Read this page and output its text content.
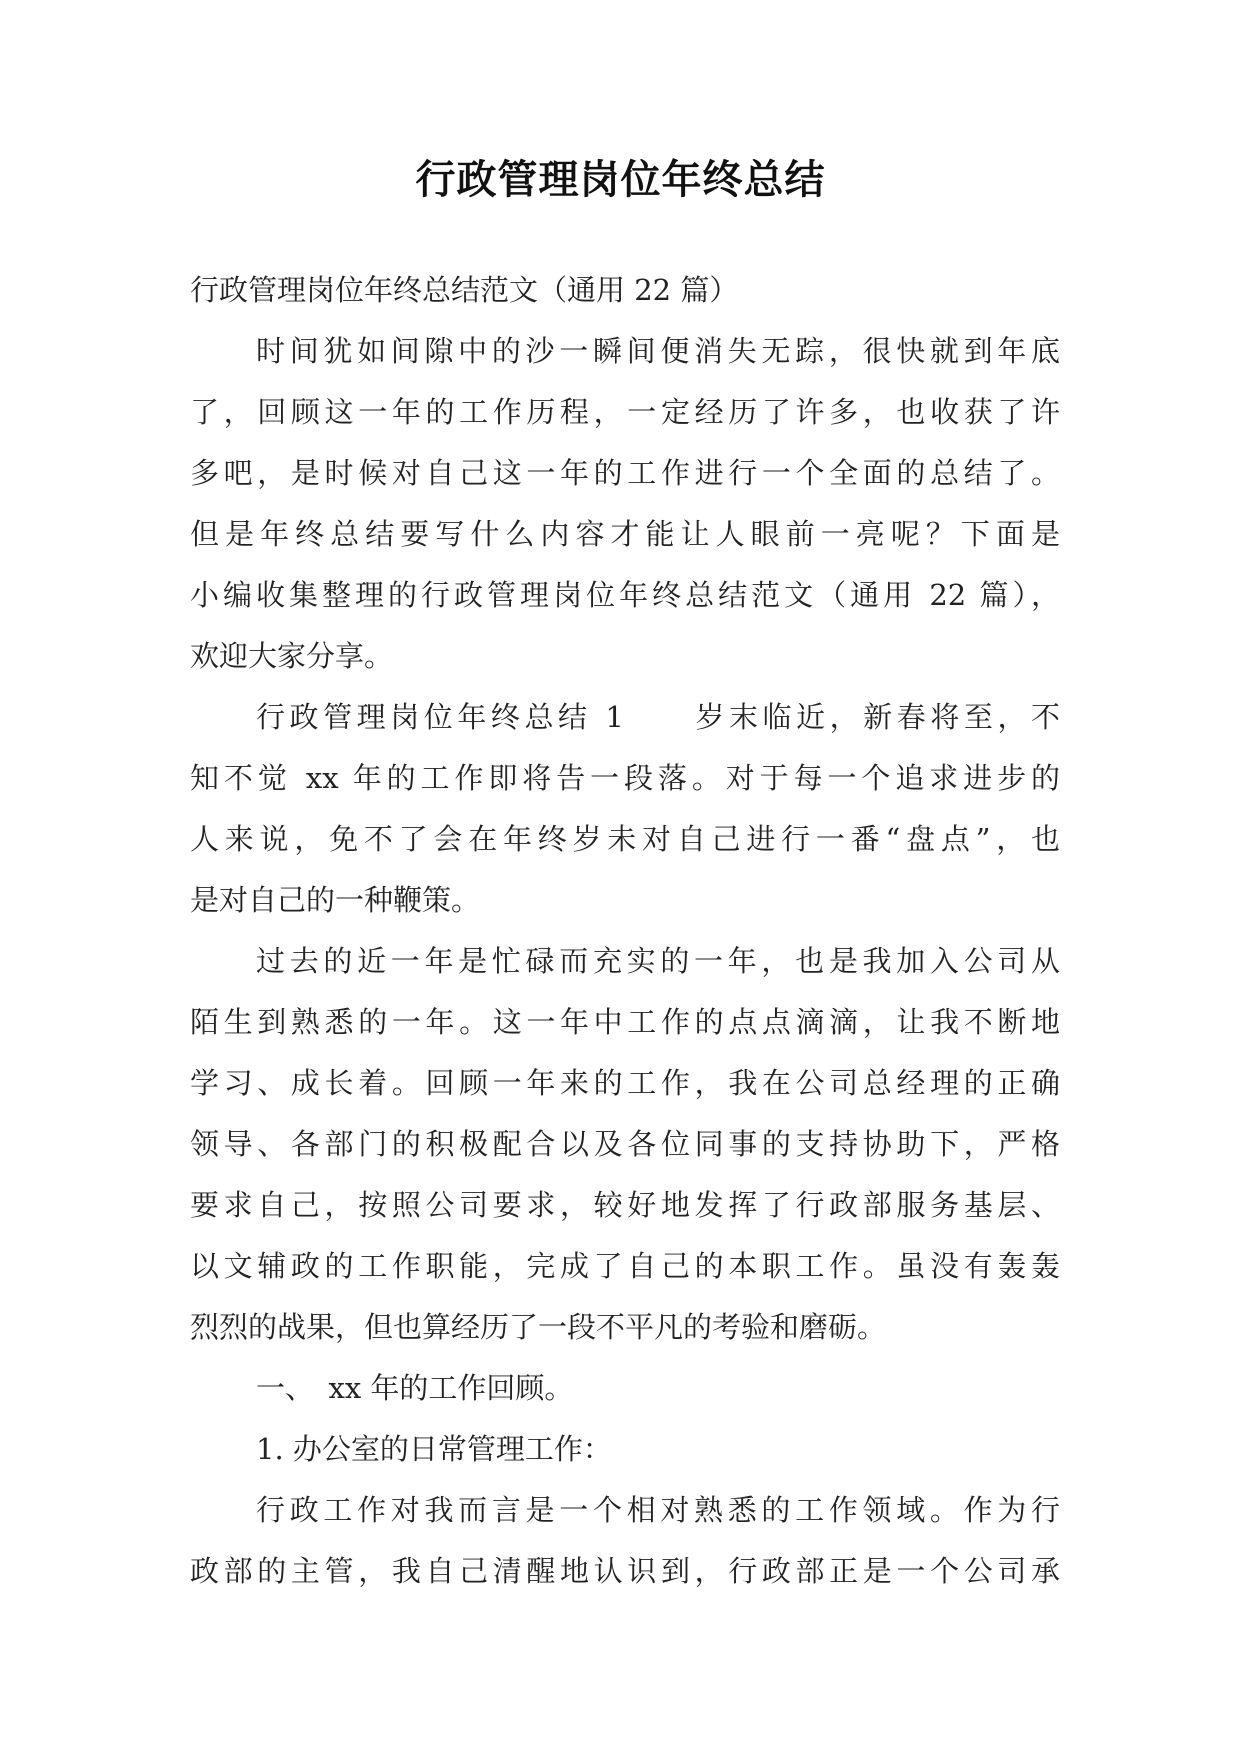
行政管理岗位年终总结
行政管理岗位年终总结范文（通用 22 篇）
时间犹如间隙中的沙一瞬间便消失无踪，很快就到年底
了，回顾这一年的工作历程，一定经历了许多，也收获了许
多吧，是时候对自己这一年的工作进行一个全面的总结了。
但是年终总结要写什么内容才能让人眼前一亮呢？下面是
小编收集整理的行政管理岗位年终总结范文（通用 22 篇），
欢迎大家分享。
行政管理岗位年终总结 1　　岁末临近，新春将至，不
知不觉 xx 年的工作即将告一段落。对于每一个追求进步的
人来说，免不了会在年终岁未对自己进行一番“盘点”，也
是对自己的一种鞭策。
过去的近一年是忙碌而充实的一年，也是我加入公司从
陌生到熟悉的一年。这一年中工作的点点滴滴，让我不断地
学习、成长着。回顾一年来的工作，我在公司总经理的正确
领导、各部门的积极配合以及各位同事的支持协助下，严格
要求自己，按照公司要求，较好地发挥了行政部服务基层、
以文辅政的工作职能，完成了自己的本职工作。虽没有轰轰
烈烈的战果，但也算经历了一段不平凡的考验和磨砺。
一、　xx 年的工作回顾。
1. 办公室的日常管理工作：
行政工作对我而言是一个相对熟悉的工作领域。作为行
政部的主管，我自己清醒地认识到，行政部正是一个公司承
